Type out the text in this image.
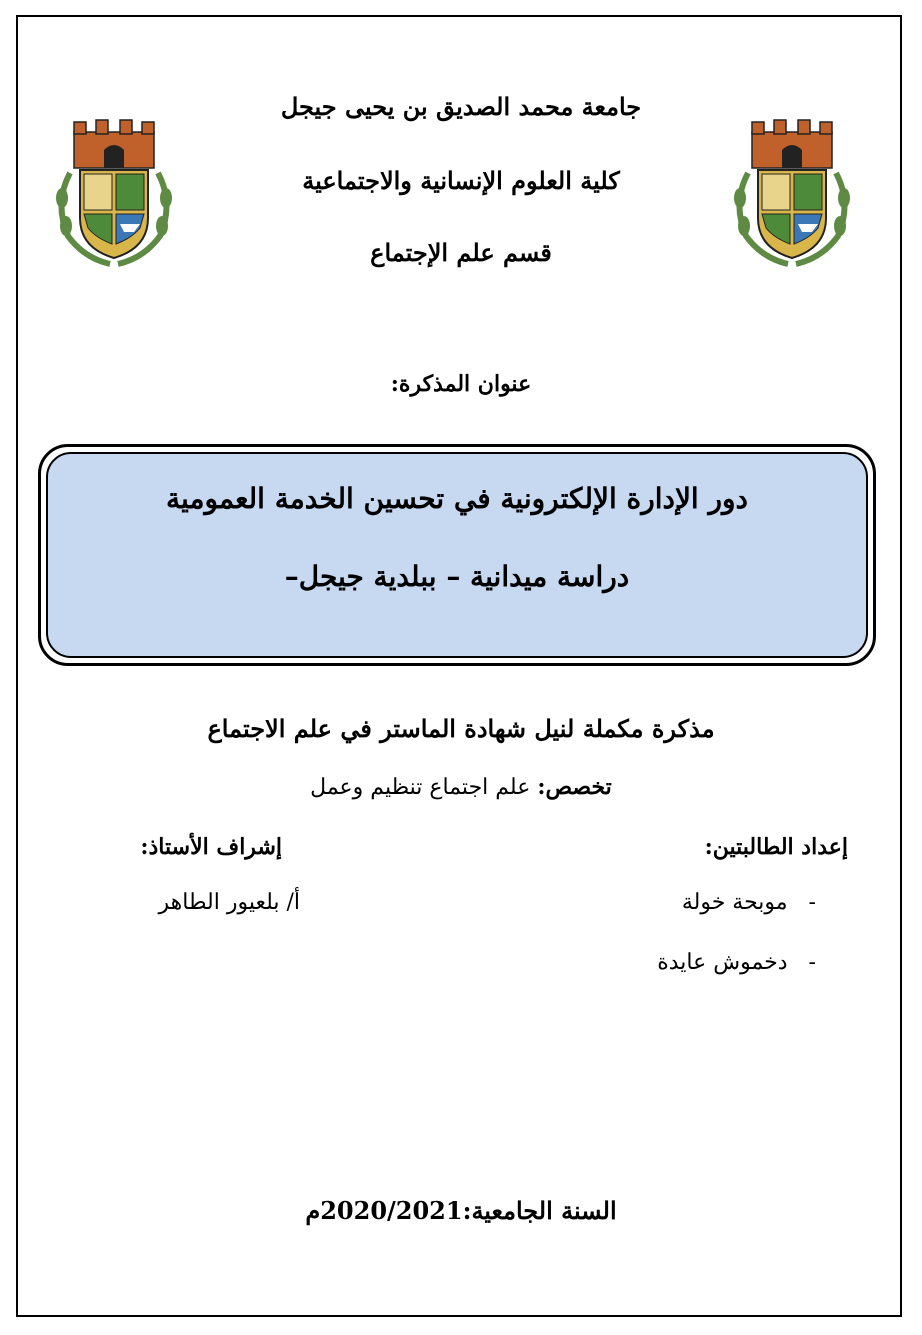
جامعة محمد الصديق بن يحيى جيجل
كلية العلوم الإنسانية والاجتماعية
قسم علم الإجتماع
عنوان المذكرة:
دور الإدارة الإلكترونية في تحسين الخدمة العمومية
دراسة ميدانية – ببلدية جيجل–
مذكرة مكملة لنيل شهادة الماستر في علم الاجتماع
تخصص: علم اجتماع تنظيم وعمل
إعداد الطالبتين:
-   موبحة خولة
-   دخموش عايدة
إشراف الأستاذ:
أ/ بلعيور الطاهر
السنة الجامعية:2020/2021م
